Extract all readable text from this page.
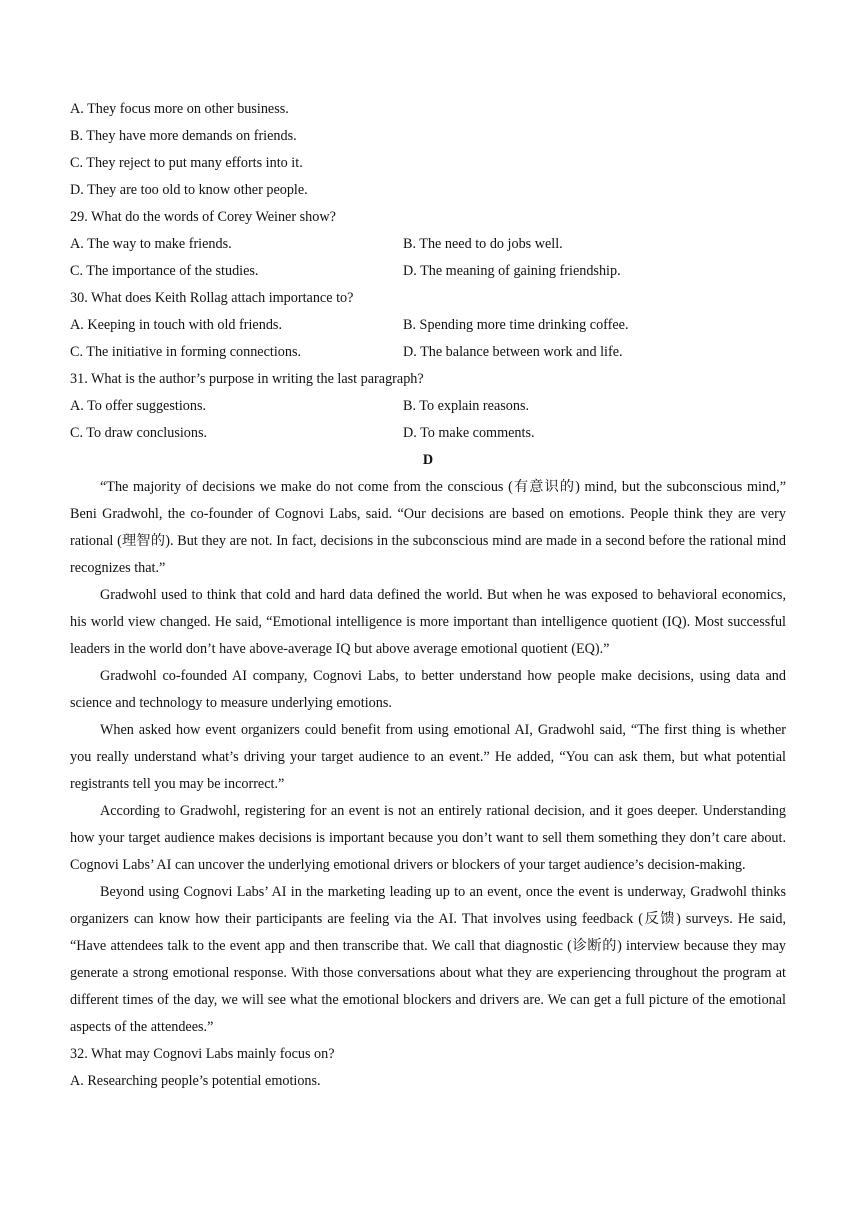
A. They focus more on other business.
B. They have more demands on friends.
C. They reject to put many efforts into it.
D. They are too old to know other people.
29. What do the words of Corey Weiner show?
A. The way to make friends.	B. The need to do jobs well.
C. The importance of the studies.	D. The meaning of gaining friendship.
30. What does Keith Rollag attach importance to?
A. Keeping in touch with old friends.	B. Spending more time drinking coffee.
C. The initiative in forming connections.	D. The balance between work and life.
31. What is the author’s purpose in writing the last paragraph?
A. To offer suggestions.	B. To explain reasons.
C. To draw conclusions.	D. To make comments.
D

“The majority of decisions we make do not come from the conscious (有意识的) mind, but the subconscious mind,” Beni Gradwohl, the co-founder of Cognovi Labs, said. “Our decisions are based on emotions. People think they are very rational (理智的). But they are not. In fact, decisions in the subconscious mind are made in a second before the rational mind recognizes that.”

Gradwohl used to think that cold and hard data defined the world. But when he was exposed to behavioral economics, his world view changed. He said, “Emotional intelligence is more important than intelligence quotient (IQ). Most successful leaders in the world don’t have above-average IQ but above average emotional quotient (EQ).”

Gradwohl co-founded AI company, Cognovi Labs, to better understand how people make decisions, using data and science and technology to measure underlying emotions.

When asked how event organizers could benefit from using emotional AI, Gradwohl said, “The first thing is whether you really understand what’s driving your target audience to an event.” He added, “You can ask them, but what potential registrants tell you may be incorrect.”

According to Gradwohl, registering for an event is not an entirely rational decision, and it goes deeper. Understanding how your target audience makes decisions is important because you don’t want to sell them something they don’t care about. Cognovi Labs’ AI can uncover the underlying emotional drivers or blockers of your target audience’s decision-making.

Beyond using Cognovi Labs’ AI in the marketing leading up to an event, once the event is underway, Gradwohl thinks organizers can know how their participants are feeling via the AI. That involves using feedback (反馈) surveys. He said, “Have attendees talk to the event app and then transcribe that. We call that diagnostic (诊断的) interview because they may generate a strong emotional response. With those conversations about what they are experiencing throughout the program at different times of the day, we will see what the emotional blockers and drivers are. We can get a full picture of the emotional aspects of the attendees.”

32. What may Cognovi Labs mainly focus on?
A. Researching people’s potential emotions.
